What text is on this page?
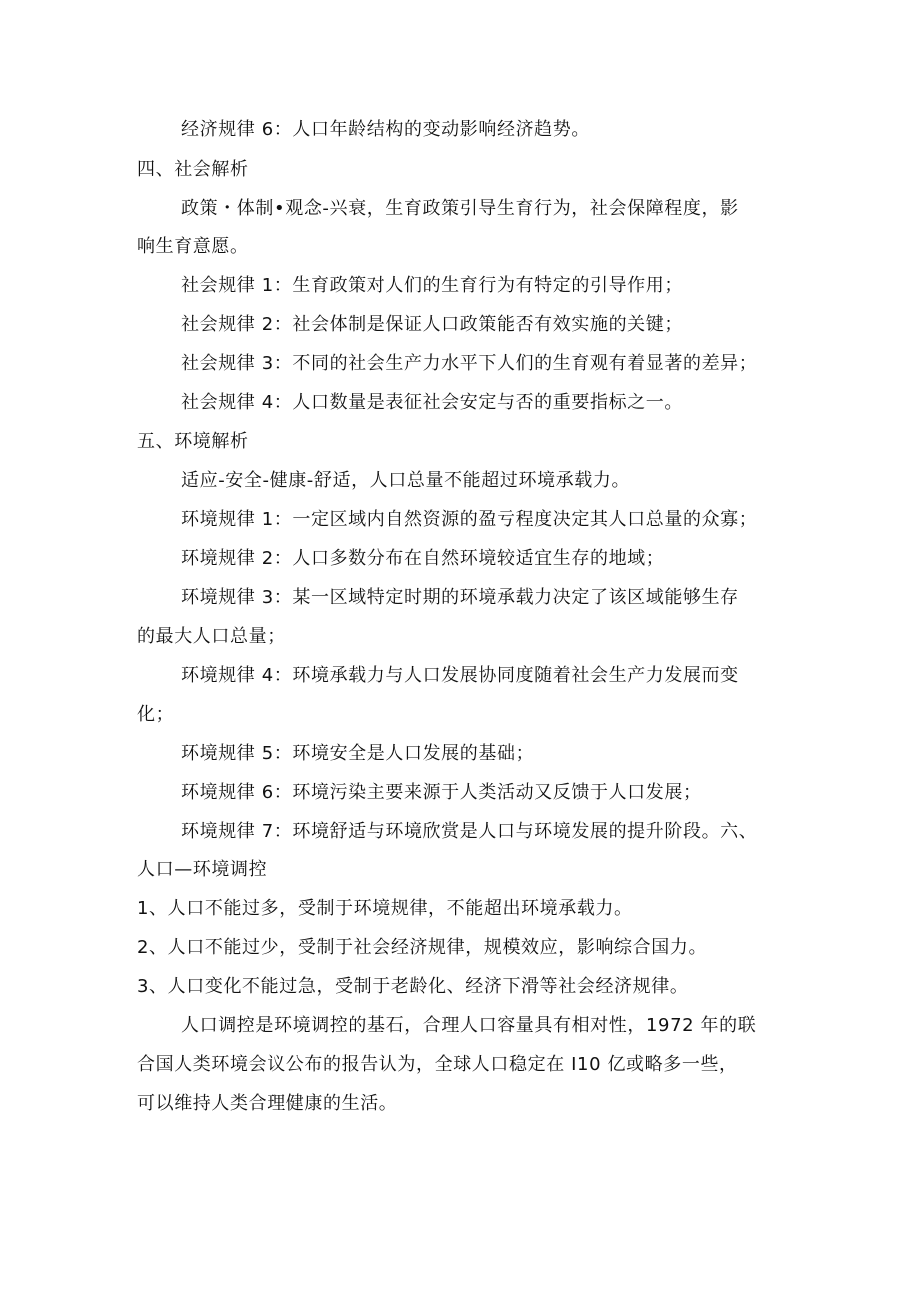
经济规律 6：人口年龄结构的变动影响经济趋势。
四、社会解析
政策・体制•观念-兴衰，生育政策引导生育行为，社会保障程度，影
响生育意愿。
社会规律 1：生育政策对人们的生育行为有特定的引导作用；
社会规律 2：社会体制是保证人口政策能否有效实施的关键；
社会规律 3：不同的社会生产力水平下人们的生育观有着显著的差异；
社会规律 4：人口数量是表征社会安定与否的重要指标之一。
五、环境解析
适应-安全-健康-舒适，人口总量不能超过环境承载力。
环境规律 1：一定区域内自然资源的盈亏程度决定其人口总量的众寡；
环境规律 2：人口多数分布在自然环境较适宜生存的地域；
环境规律 3：某一区域特定时期的环境承载力决定了该区域能够生存
的最大人口总量；
环境规律 4：环境承载力与人口发展协同度随着社会生产力发展而变
化；
环境规律 5：环境安全是人口发展的基础；
环境规律 6：环境污染主要来源于人类活动又反馈于人口发展；
环境规律 7：环境舒适与环境欣赏是人口与环境发展的提升阶段。六、
人口—环境调控
1、人口不能过多，受制于环境规律，不能超出环境承载力。
2、人口不能过少，受制于社会经济规律，规模效应，影响综合国力。
3、人口变化不能过急，受制于老龄化、经济下滑等社会经济规律。
人口调控是环境调控的基石，合理人口容量具有相对性，1972 年的联
合国人类环境会议公布的报告认为，全球人口稳定在 I10 亿或略多一些，
可以维持人类合理健康的生活。
